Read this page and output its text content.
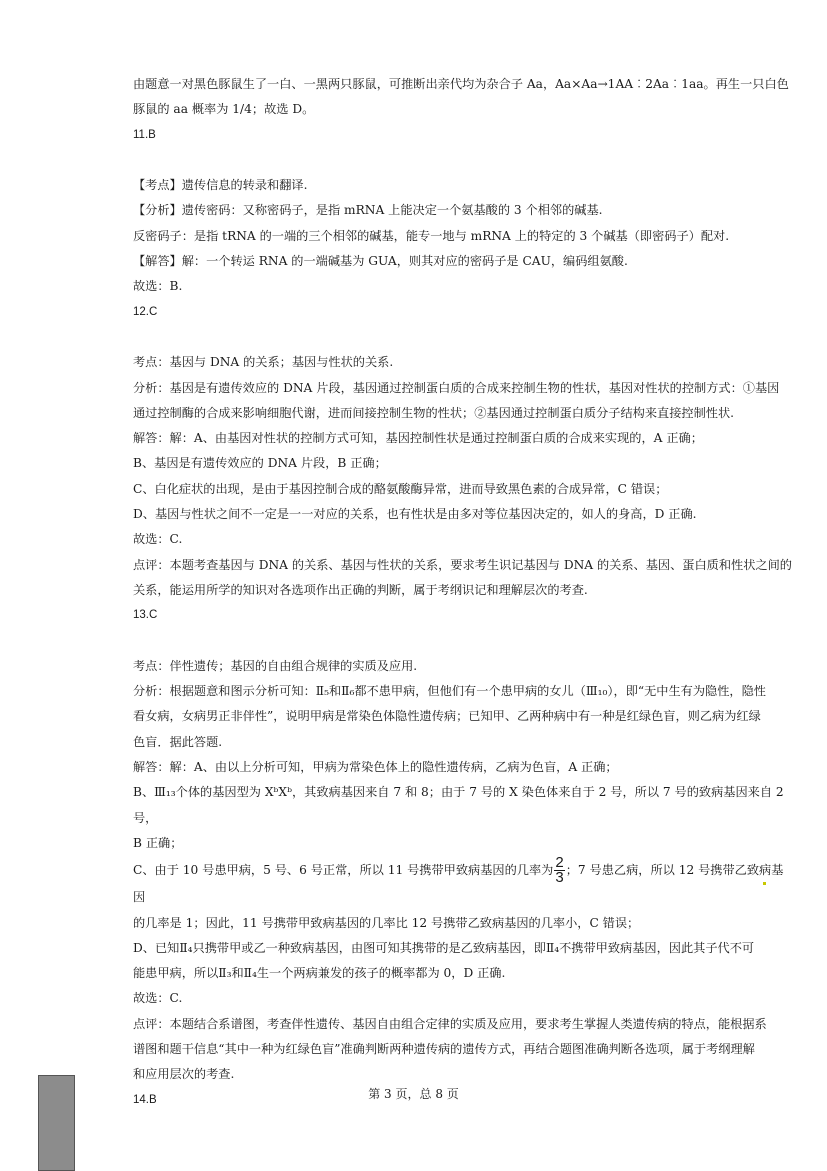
由题意一对黑色豚鼠生了一白、一黑两只豚鼠，可推断出亲代均为杂合子 Aa，Aa×Aa→1AA︰2Aa︰1aa。再生一只白色

豚鼠的 aa 概率为 1/4；故选 D。

11.B

【考点】遗传信息的转录和翻译.

【分析】遗传密码：又称密码子，是指 mRNA 上能决定一个氨基酸的 3 个相邻的碱基.

反密码子：是指 tRNA 的一端的三个相邻的碱基，能专一地与 mRNA 上的特定的 3 个碱基（即密码子）配对.

【解答】解：一个转运 RNA 的一端碱基为 GUA，则其对应的密码子是 CAU，编码组氨酸.

故选：B.

12.C

考点：基因与 DNA 的关系；基因与性状的关系.

分析：基因是有遗传效应的 DNA 片段，基因通过控制蛋白质的合成来控制生物的性状，基因对性状的控制方式：①基因

通过控制酶的合成来影响细胞代谢，进而间接控制生物的性状；②基因通过控制蛋白质分子结构来直接控制性状.

解答：解：A、由基因对性状的控制方式可知，基因控制性状是通过控制蛋白质的合成来实现的，A 正确；

B、基因是有遗传效应的 DNA 片段，B 正确；

C、白化症状的出现，是由于基因控制合成的酪氨酸酶异常，进而导致黑色素的合成异常，C 错误；

D、基因与性状之间不一定是一一对应的关系，也有性状是由多对等位基因决定的，如人的身高，D 正确.

故选：C.

点评：本题考查基因与 DNA 的关系、基因与性状的关系，要求考生识记基因与 DNA 的关系、基因、蛋白质和性状之间的

关系，能运用所学的知识对各选项作出正确的判断，属于考纲识记和理解层次的考查.

13.C

考点：伴性遗传；基因的自由组合规律的实质及应用.

分析：根据题意和图示分析可知：Ⅱ₅和Ⅱ₆都不患甲病，但他们有一个患甲病的女儿（Ⅲ₁₀），即“无中生有为隐性，隐性

看女病，女病男正非伴性”，说明甲病是常染色体隐性遗传病；已知甲、乙两种病中有一种是红绿色盲，则乙病为红绿

色盲．据此答题.

解答：解：A、由以上分析可知，甲病为常染色体上的隐性遗传病，乙病为色盲，A 正确；

B、Ⅲ₁₃个体的基因型为 XᵇXᵇ，其致病基因来自 7 和 8；由于 7 号的 X 染色体来自于 2 号，所以 7 号的致病基因来自 2 号，

B 正确；

C、由于 10 号患甲病，5 号、6 号正常，所以 11 号携带甲致病基因的几率为 $\frac{2}{3}$ ；7 号患乙病，所以 12 号携带乙致病基因

的几率是 1；因此，11 号携带甲致病基因的几率比 12 号携带乙致病基因的几率小，C 错误；

D、已知Ⅱ₄只携带甲或乙一种致病基因，由图可知其携带的是乙致病基因，即Ⅱ₄不携带甲致病基因，因此其子代不可

能患甲病，所以Ⅱ₃和Ⅱ₄生一个两病兼发的孩子的概率都为 0，D 正确.

故选：C.

点评：本题结合系谱图，考查伴性遗传、基因自由组合定律的实质及应用，要求考生掌握人类遗传病的特点，能根据系

谱图和题干信息“其中一种为红绿色盲”准确判断两种遗传病的遗传方式，再结合题图准确判断各选项，属于考纲理解

和应用层次的考查.

14.B	第 3 页，总 8 页
